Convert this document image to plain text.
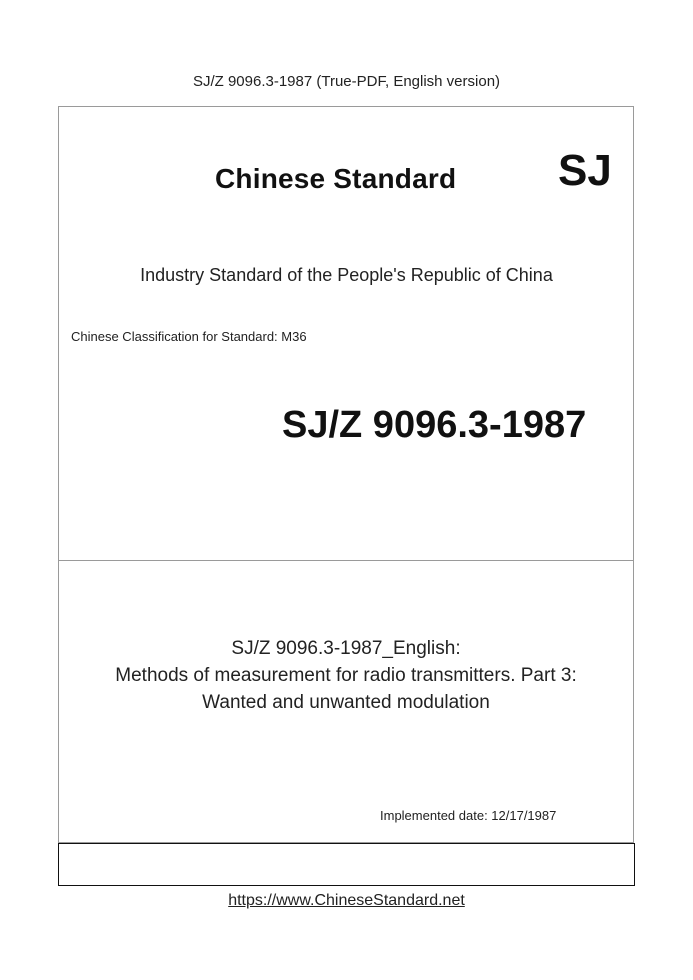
SJ/Z 9096.3-1987 (True-PDF, English version)
Chinese Standard SJ
Industry Standard of the People's Republic of China
Chinese Classification for Standard: M36
SJ/Z 9096.3-1987
SJ/Z 9096.3-1987_English:
Methods of measurement for radio transmitters. Part 3:
Wanted and unwanted modulation
Implemented date: 12/17/1987
https://www.ChineseStandard.net
